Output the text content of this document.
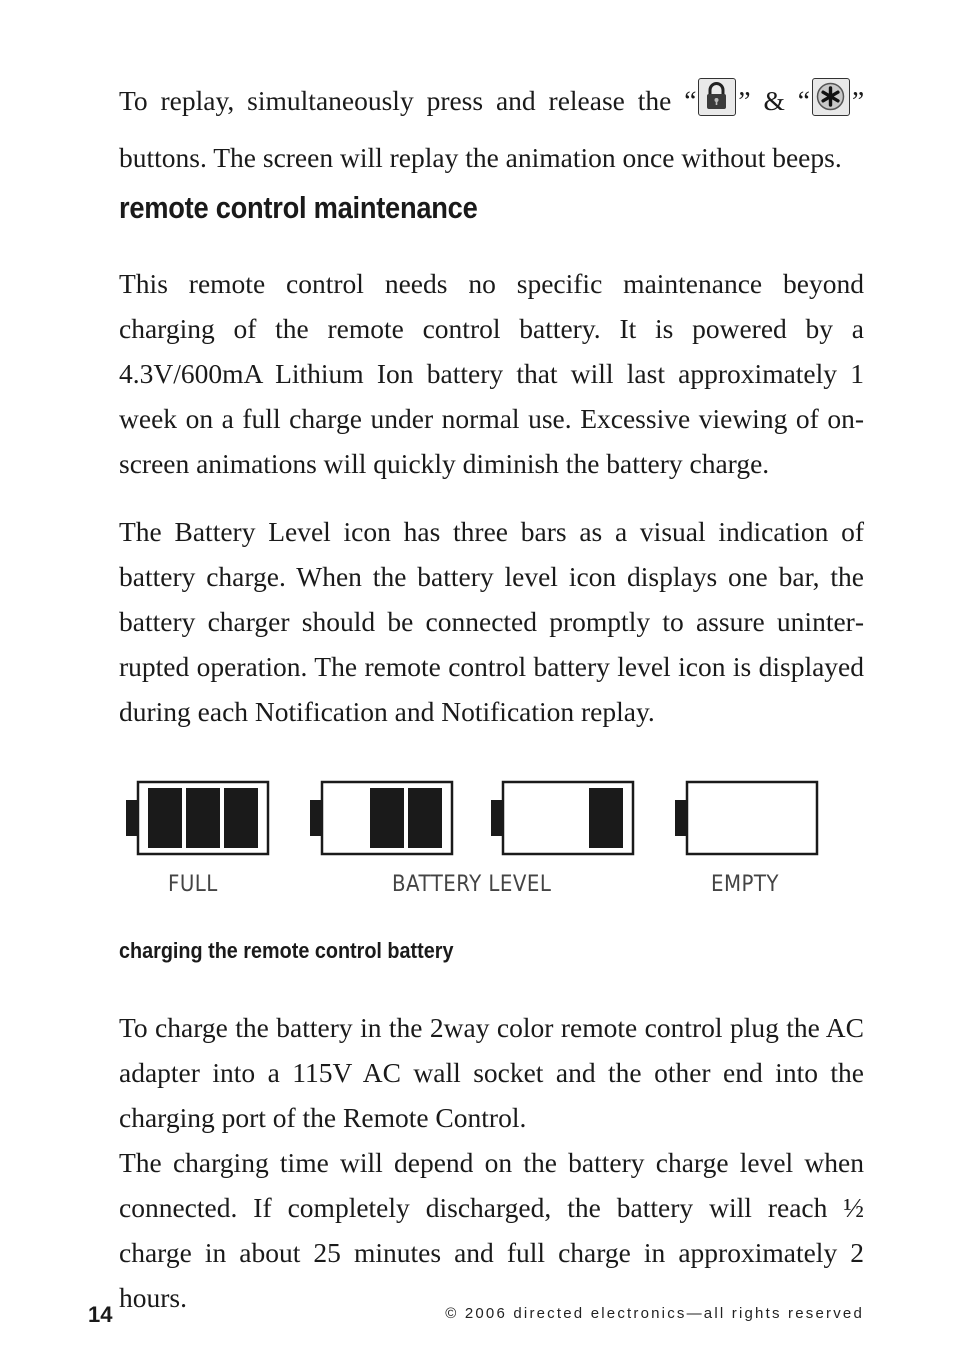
To replay, simultaneously press and release the “ ” & “ ”

buttons. The screen will replay the animation once without beeps.

remote control maintenance

This remote control needs no specific maintenance beyond charging of the remote control battery. It is powered by a 4.3V/600mA Lithium Ion battery that will last approximately 1 week on a full charge under normal use. Excessive viewing of on-screen animations will quickly diminish the battery charge.

The Battery Level icon has three bars as a visual indication of battery charge. When the battery level icon displays one bar, the battery charger should be connected promptly to assure uninterrupted operation. The remote control battery level icon is displayed during each Notification and Notification replay.

FULL	BATTERY LEVEL	EMPTY
charging the remote control battery

To charge the battery in the 2way color remote control plug the AC adapter into a 115V AC wall socket and the other end into the charging port of the Remote Control.

The charging time will depend on the battery charge level when connected. If completely discharged, the battery will reach ½ charge in about 25 minutes and full charge in approximately 2 hours.

14	© 2006 directed electronics—all rights reserved
